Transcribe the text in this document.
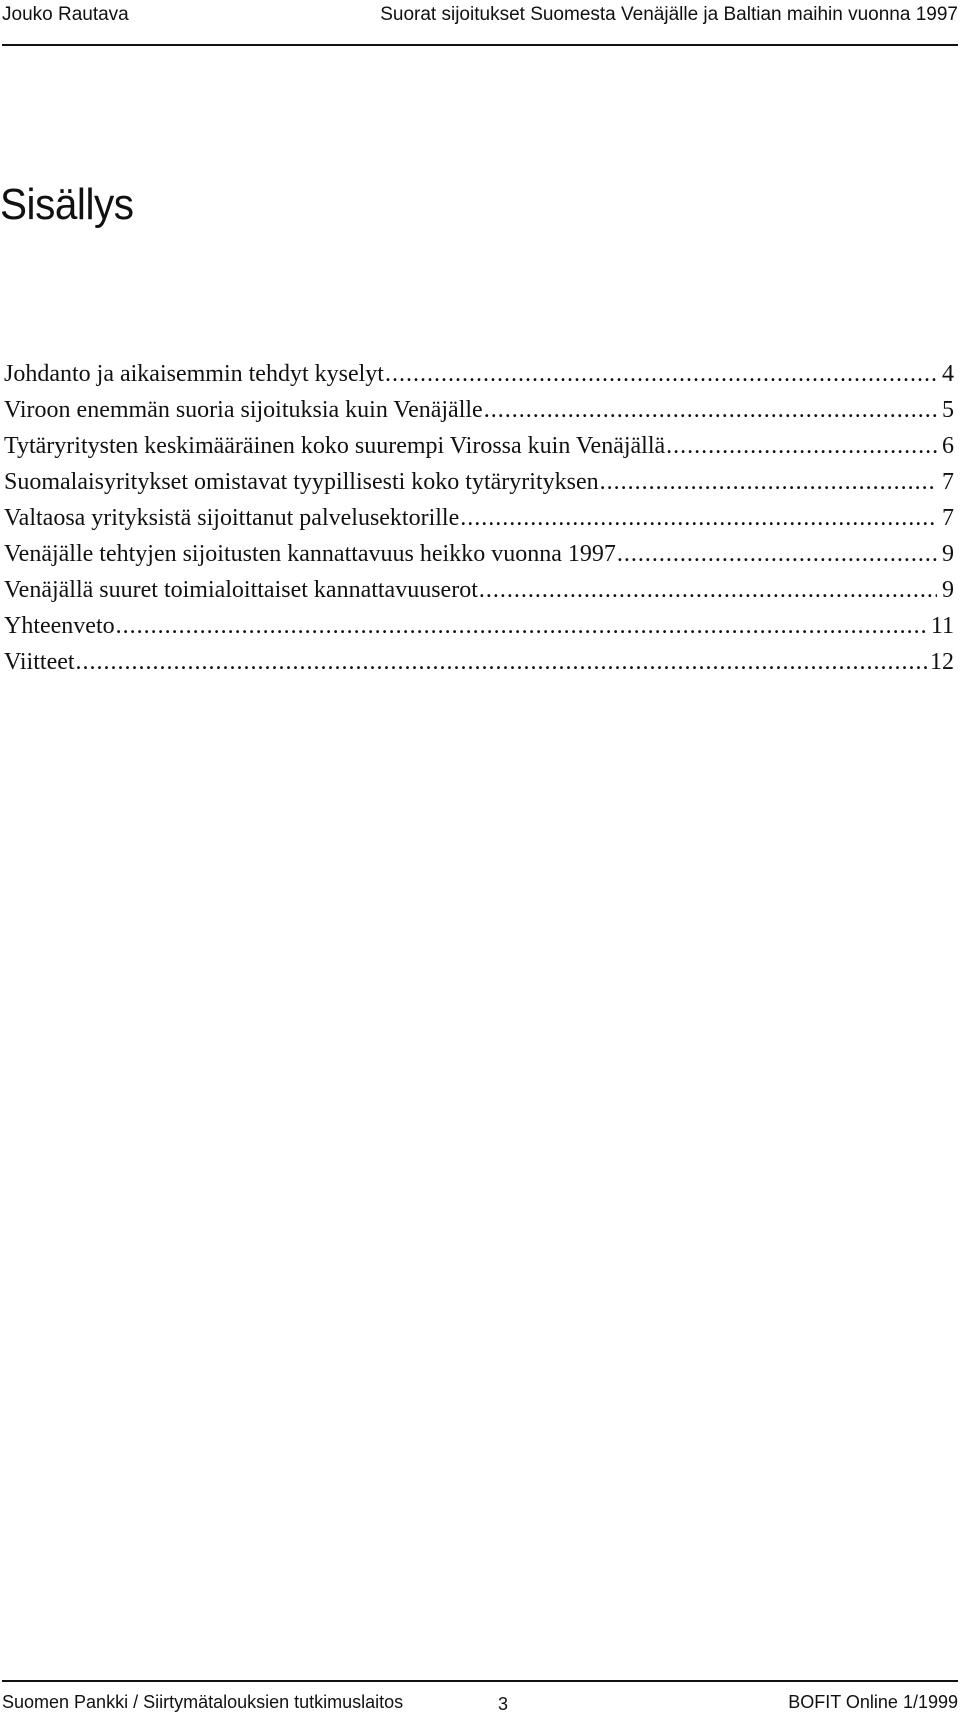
Jouko Rautava	Suorat sijoitukset Suomesta Venäjälle ja Baltian maihin vuonna 1997
Sisällys
Johdanto ja aikaisemmin tehdyt kyselyt .....	4
Viroon enemmän suoria sijoituksia kuin Venäjälle .....	5
Tytäryritysten keskimääräinen koko suurempi Virossa kuin Venäjällä .....	6
Suomalaisyritykset omistavat tyypillisesti koko tytäryrityksen .....	7
Valtaosa yrityksistä sijoittanut palvelusektorille .....	7
Venäjälle tehtyjen sijoitusten kannattavuus heikko vuonna 1997 .....	9
Venäjällä suuret toimialoittaiset kannattavuuserot .....	9
Yhteenveto .....	11
Viitteet .....	12
Suomen Pankki / Siirtymätalouksien tutkimuslaitos	3	BOFIT Online 1/1999
